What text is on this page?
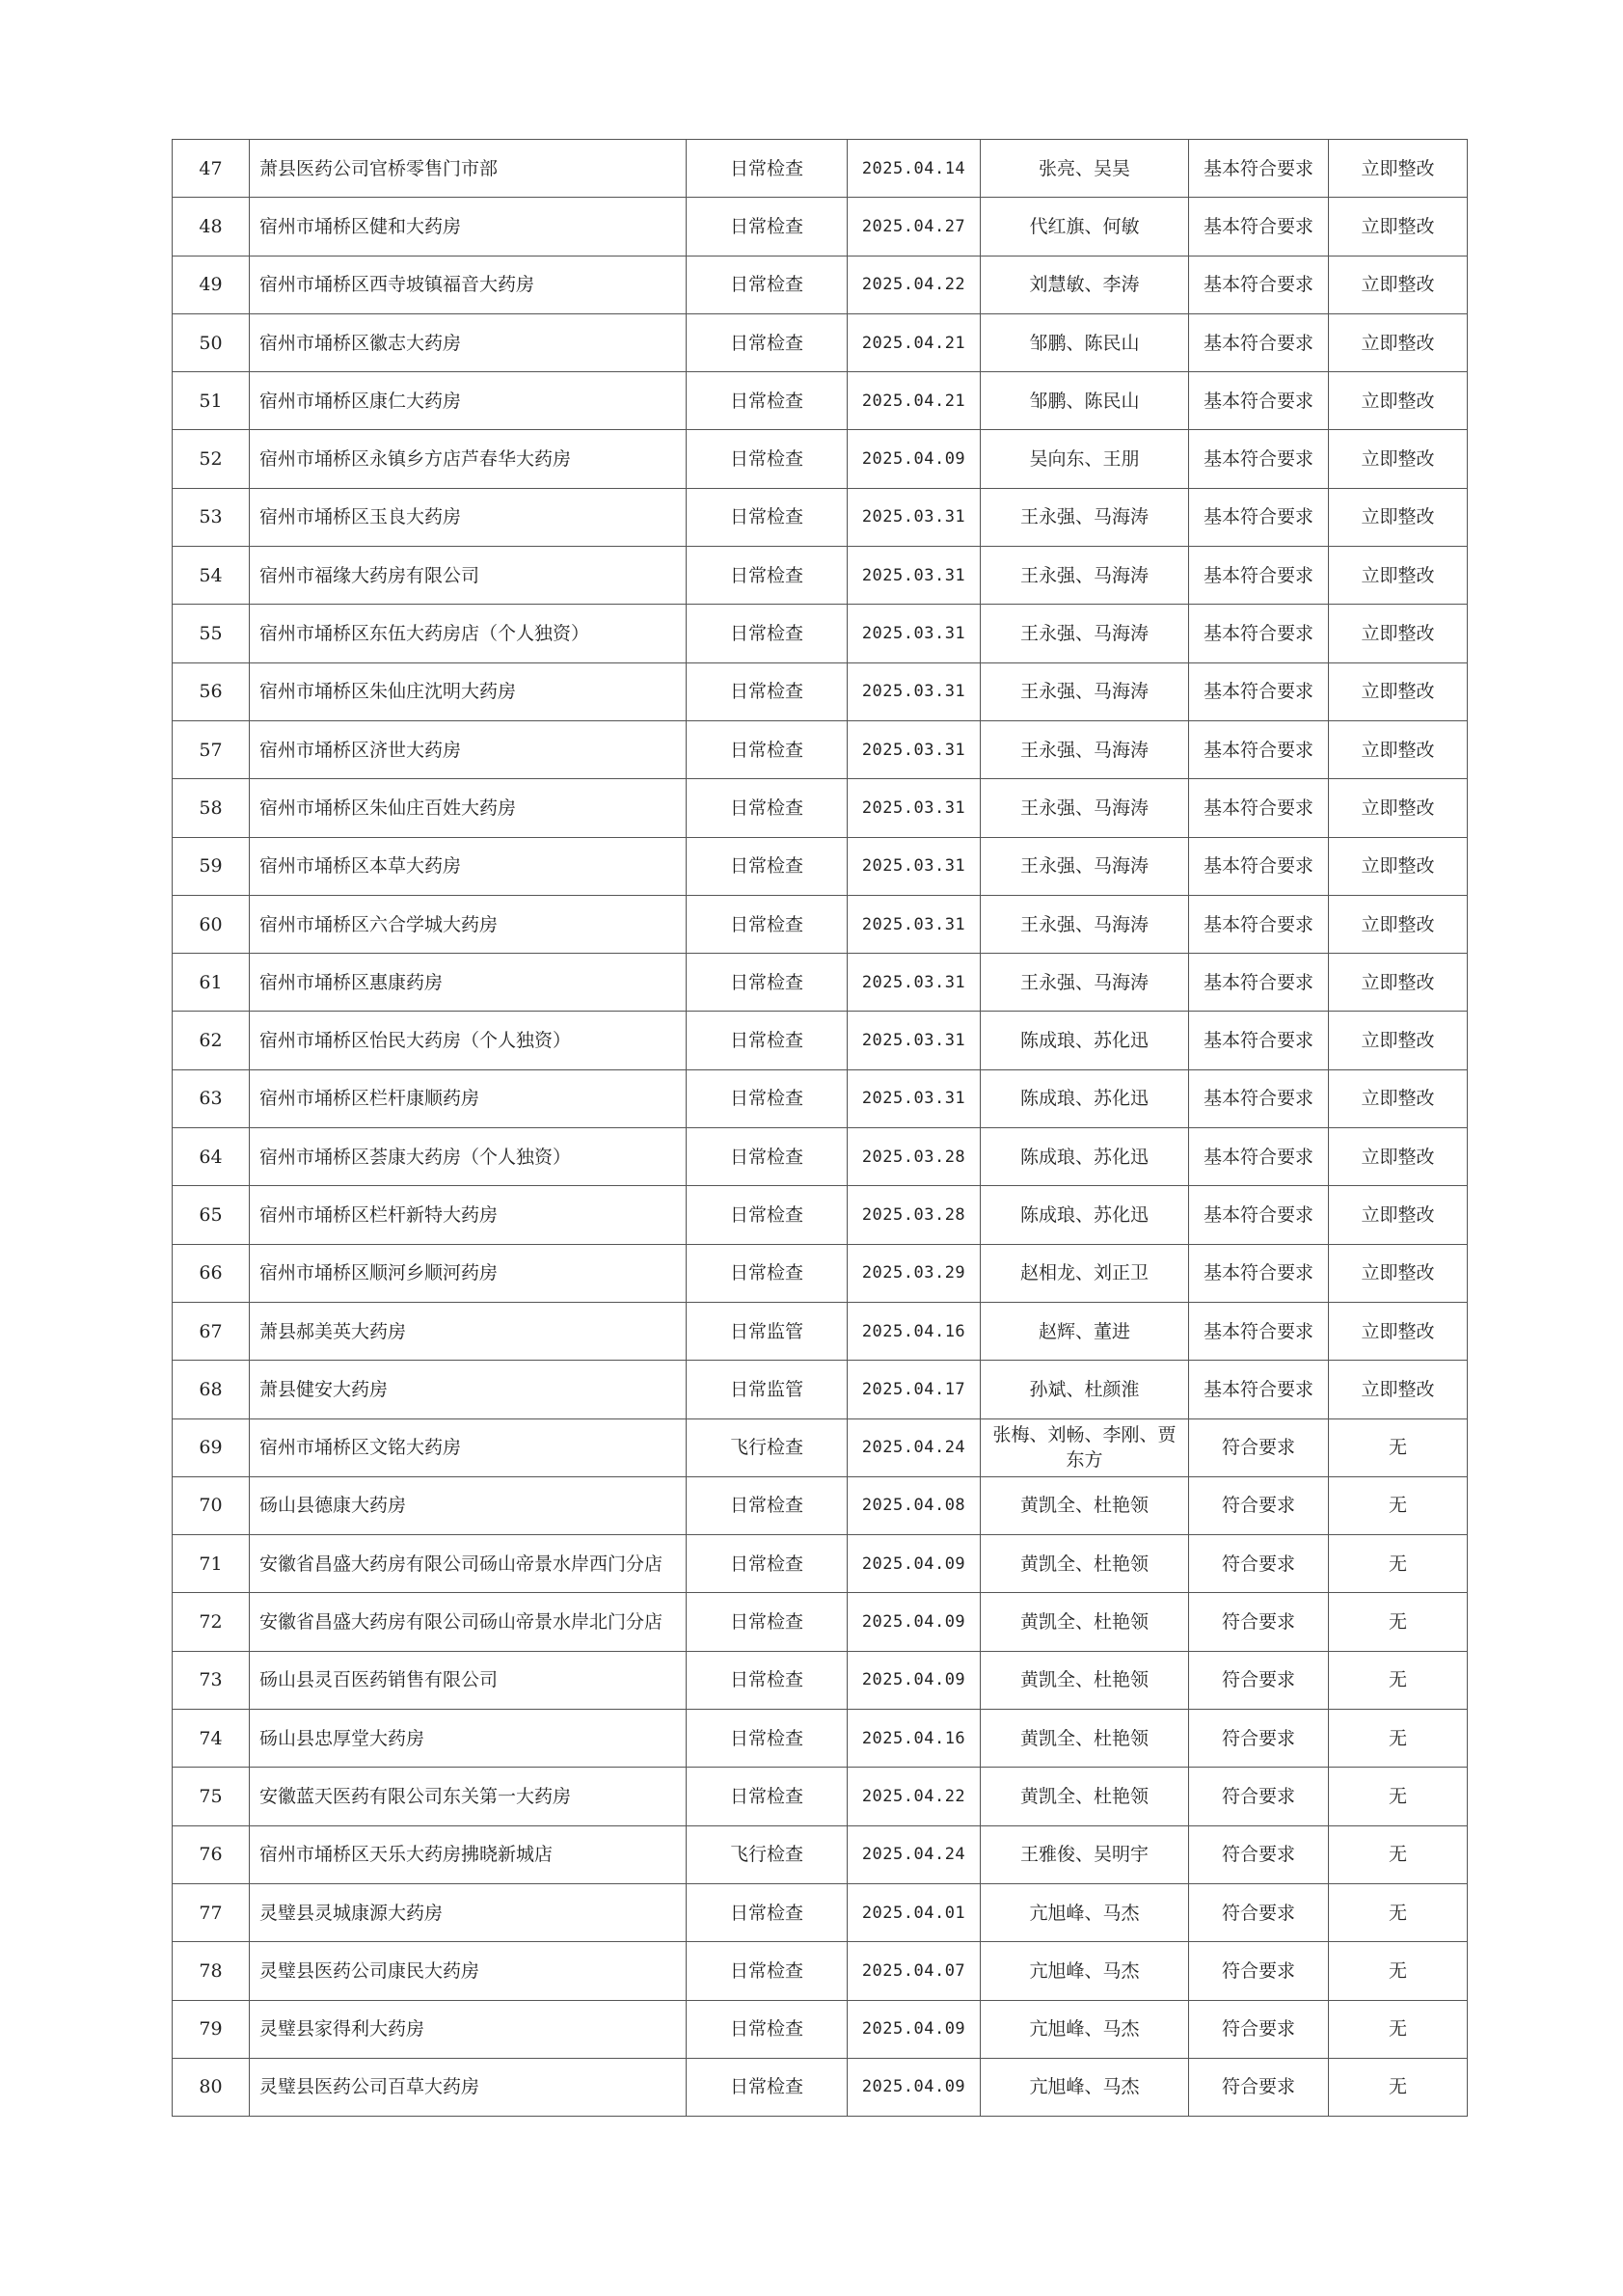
47	萧县医药公司官桥零售门市部	日常检查	2025.04.14	张亮、吴昊	基本符合要求	立即整改
48	宿州市埇桥区健和大药房	日常检查	2025.04.27	代红旗、何敏	基本符合要求	立即整改
49	宿州市埇桥区西寺坡镇福音大药房	日常检查	2025.04.22	刘慧敏、李涛	基本符合要求	立即整改
50	宿州市埇桥区徽志大药房	日常检查	2025.04.21	邹鹏、陈民山	基本符合要求	立即整改
51	宿州市埇桥区康仁大药房	日常检查	2025.04.21	邹鹏、陈民山	基本符合要求	立即整改
52	宿州市埇桥区永镇乡方店芦春华大药房	日常检查	2025.04.09	吴向东、王朋	基本符合要求	立即整改
53	宿州市埇桥区玉良大药房	日常检查	2025.03.31	王永强、马海涛	基本符合要求	立即整改
54	宿州市福缘大药房有限公司	日常检查	2025.03.31	王永强、马海涛	基本符合要求	立即整改
55	宿州市埇桥区东伍大药房店（个人独资）	日常检查	2025.03.31	王永强、马海涛	基本符合要求	立即整改
56	宿州市埇桥区朱仙庄沈明大药房	日常检查	2025.03.31	王永强、马海涛	基本符合要求	立即整改
57	宿州市埇桥区济世大药房	日常检查	2025.03.31	王永强、马海涛	基本符合要求	立即整改
58	宿州市埇桥区朱仙庄百姓大药房	日常检查	2025.03.31	王永强、马海涛	基本符合要求	立即整改
59	宿州市埇桥区本草大药房	日常检查	2025.03.31	王永强、马海涛	基本符合要求	立即整改
60	宿州市埇桥区六合学城大药房	日常检查	2025.03.31	王永强、马海涛	基本符合要求	立即整改
61	宿州市埇桥区惠康药房	日常检查	2025.03.31	王永强、马海涛	基本符合要求	立即整改
62	宿州市埇桥区怡民大药房（个人独资）	日常检查	2025.03.31	陈成琅、苏化迅	基本符合要求	立即整改
63	宿州市埇桥区栏杆康顺药房	日常检查	2025.03.31	陈成琅、苏化迅	基本符合要求	立即整改
64	宿州市埇桥区荟康大药房（个人独资）	日常检查	2025.03.28	陈成琅、苏化迅	基本符合要求	立即整改
65	宿州市埇桥区栏杆新特大药房	日常检查	2025.03.28	陈成琅、苏化迅	基本符合要求	立即整改
66	宿州市埇桥区顺河乡顺河药房	日常检查	2025.03.29	赵相龙、刘正卫	基本符合要求	立即整改
67	萧县郝美英大药房	日常监管	2025.04.16	赵辉、董进	基本符合要求	立即整改
68	萧县健安大药房	日常监管	2025.04.17	孙斌、杜颜淮	基本符合要求	立即整改
69	宿州市埇桥区文铭大药房	飞行检查	2025.04.24	张梅、刘畅、李刚、贾东方	符合要求	无
70	砀山县德康大药房	日常检查	2025.04.08	黄凯全、杜艳领	符合要求	无
71	安徽省昌盛大药房有限公司砀山帝景水岸西门分店	日常检查	2025.04.09	黄凯全、杜艳领	符合要求	无
72	安徽省昌盛大药房有限公司砀山帝景水岸北门分店	日常检查	2025.04.09	黄凯全、杜艳领	符合要求	无
73	砀山县灵百医药销售有限公司	日常检查	2025.04.09	黄凯全、杜艳领	符合要求	无
74	砀山县忠厚堂大药房	日常检查	2025.04.16	黄凯全、杜艳领	符合要求	无
75	安徽蓝天医药有限公司东关第一大药房	日常检查	2025.04.22	黄凯全、杜艳领	符合要求	无
76	宿州市埇桥区天乐大药房拂晓新城店	飞行检查	2025.04.24	王雅俊、吴明宇	符合要求	无
77	灵璧县灵城康源大药房	日常检查	2025.04.01	亢旭峰、马杰	符合要求	无
78	灵璧县医药公司康民大药房	日常检查	2025.04.07	亢旭峰、马杰	符合要求	无
79	灵璧县家得利大药房	日常检查	2025.04.09	亢旭峰、马杰	符合要求	无
80	灵璧县医药公司百草大药房	日常检查	2025.04.09	亢旭峰、马杰	符合要求	无
